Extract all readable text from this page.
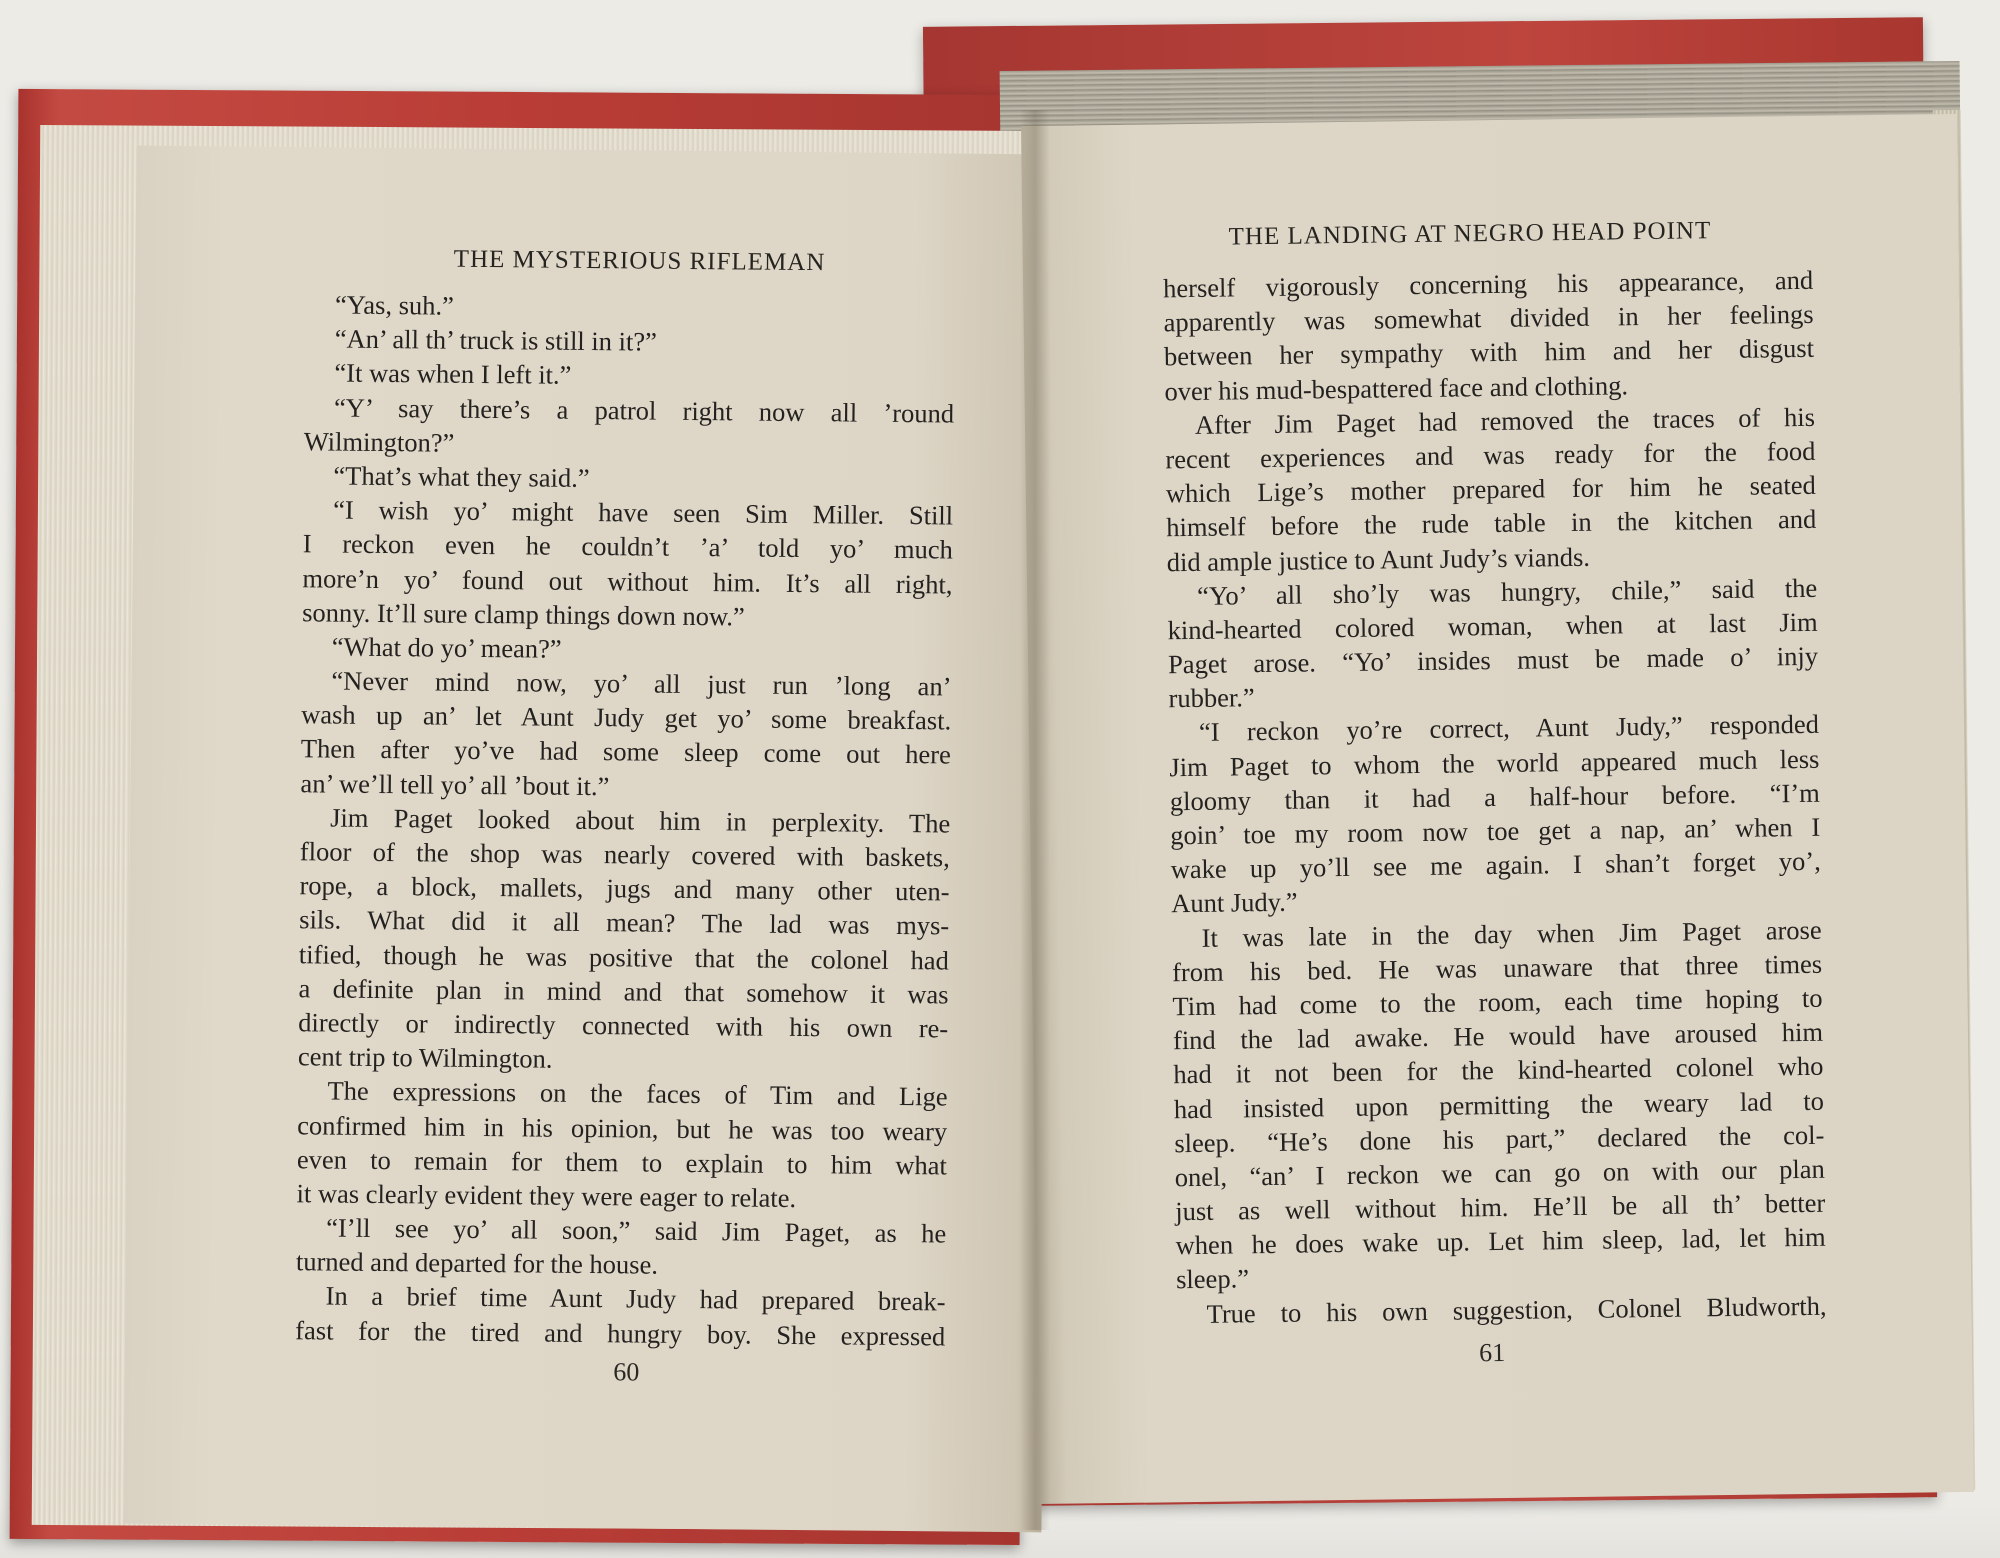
THE MYSTERIOUS RIFLEMAN
“Yas, suh.”
“An’ all th’ truck is still in it?”
“It was when I left it.”
“Y’ say there’s a patrol right now all ’round
Wilmington?”
“That’s what they said.”
“I wish yo’ might have seen Sim Miller. Still
I reckon even he couldn’t ’a’ told yo’ much
more’n yo’ found out without him. It’s all right,
sonny. It’ll sure clamp things down now.”
“What do yo’ mean?”
“Never mind now, yo’ all just run ’long an’
wash up an’ let Aunt Judy get yo’ some breakfast.
Then after yo’ve had some sleep come out here
an’ we’ll tell yo’ all ’bout it.”
Jim Paget looked about him in perplexity. The
floor of the shop was nearly covered with baskets,
rope, a block, mallets, jugs and many other uten-
sils. What did it all mean? The lad was mys-
tified, though he was positive that the colonel had
a definite plan in mind and that somehow it was
directly or indirectly connected with his own re-
cent trip to Wilmington.
The expressions on the faces of Tim and Lige
confirmed him in his opinion, but he was too weary
even to remain for them to explain to him what
it was clearly evident they were eager to relate.
“I’ll see yo’ all soon,” said Jim Paget, as he
turned and departed for the house.
In a brief time Aunt Judy had prepared break-
fast for the tired and hungry boy. She expressed
60
THE LANDING AT NEGRO HEAD POINT
herself vigorously concerning his appearance, and
apparently was somewhat divided in her feelings
between her sympathy with him and her disgust
over his mud-bespattered face and clothing.
After Jim Paget had removed the traces of his
recent experiences and was ready for the food
which Lige’s mother prepared for him he seated
himself before the rude table in the kitchen and
did ample justice to Aunt Judy’s viands.
“Yo’ all sho’ly was hungry, chile,” said the
kind-hearted colored woman, when at last Jim
Paget arose. “Yo’ insides must be made o’ injy
rubber.”
“I reckon yo’re correct, Aunt Judy,” responded
Jim Paget to whom the world appeared much less
gloomy than it had a half-hour before. “I’m
goin’ toe my room now toe get a nap, an’ when I
wake up yo’ll see me again. I shan’t forget yo’,
Aunt Judy.”
It was late in the day when Jim Paget arose
from his bed. He was unaware that three times
Tim had come to the room, each time hoping to
find the lad awake. He would have aroused him
had it not been for the kind-hearted colonel who
had insisted upon permitting the weary lad to
sleep. “He’s done his part,” declared the col-
onel, “an’ I reckon we can go on with our plan
just as well without him. He’ll be all th’ better
when he does wake up. Let him sleep, lad, let him
sleep.”
True to his own suggestion, Colonel Bludworth,
61
